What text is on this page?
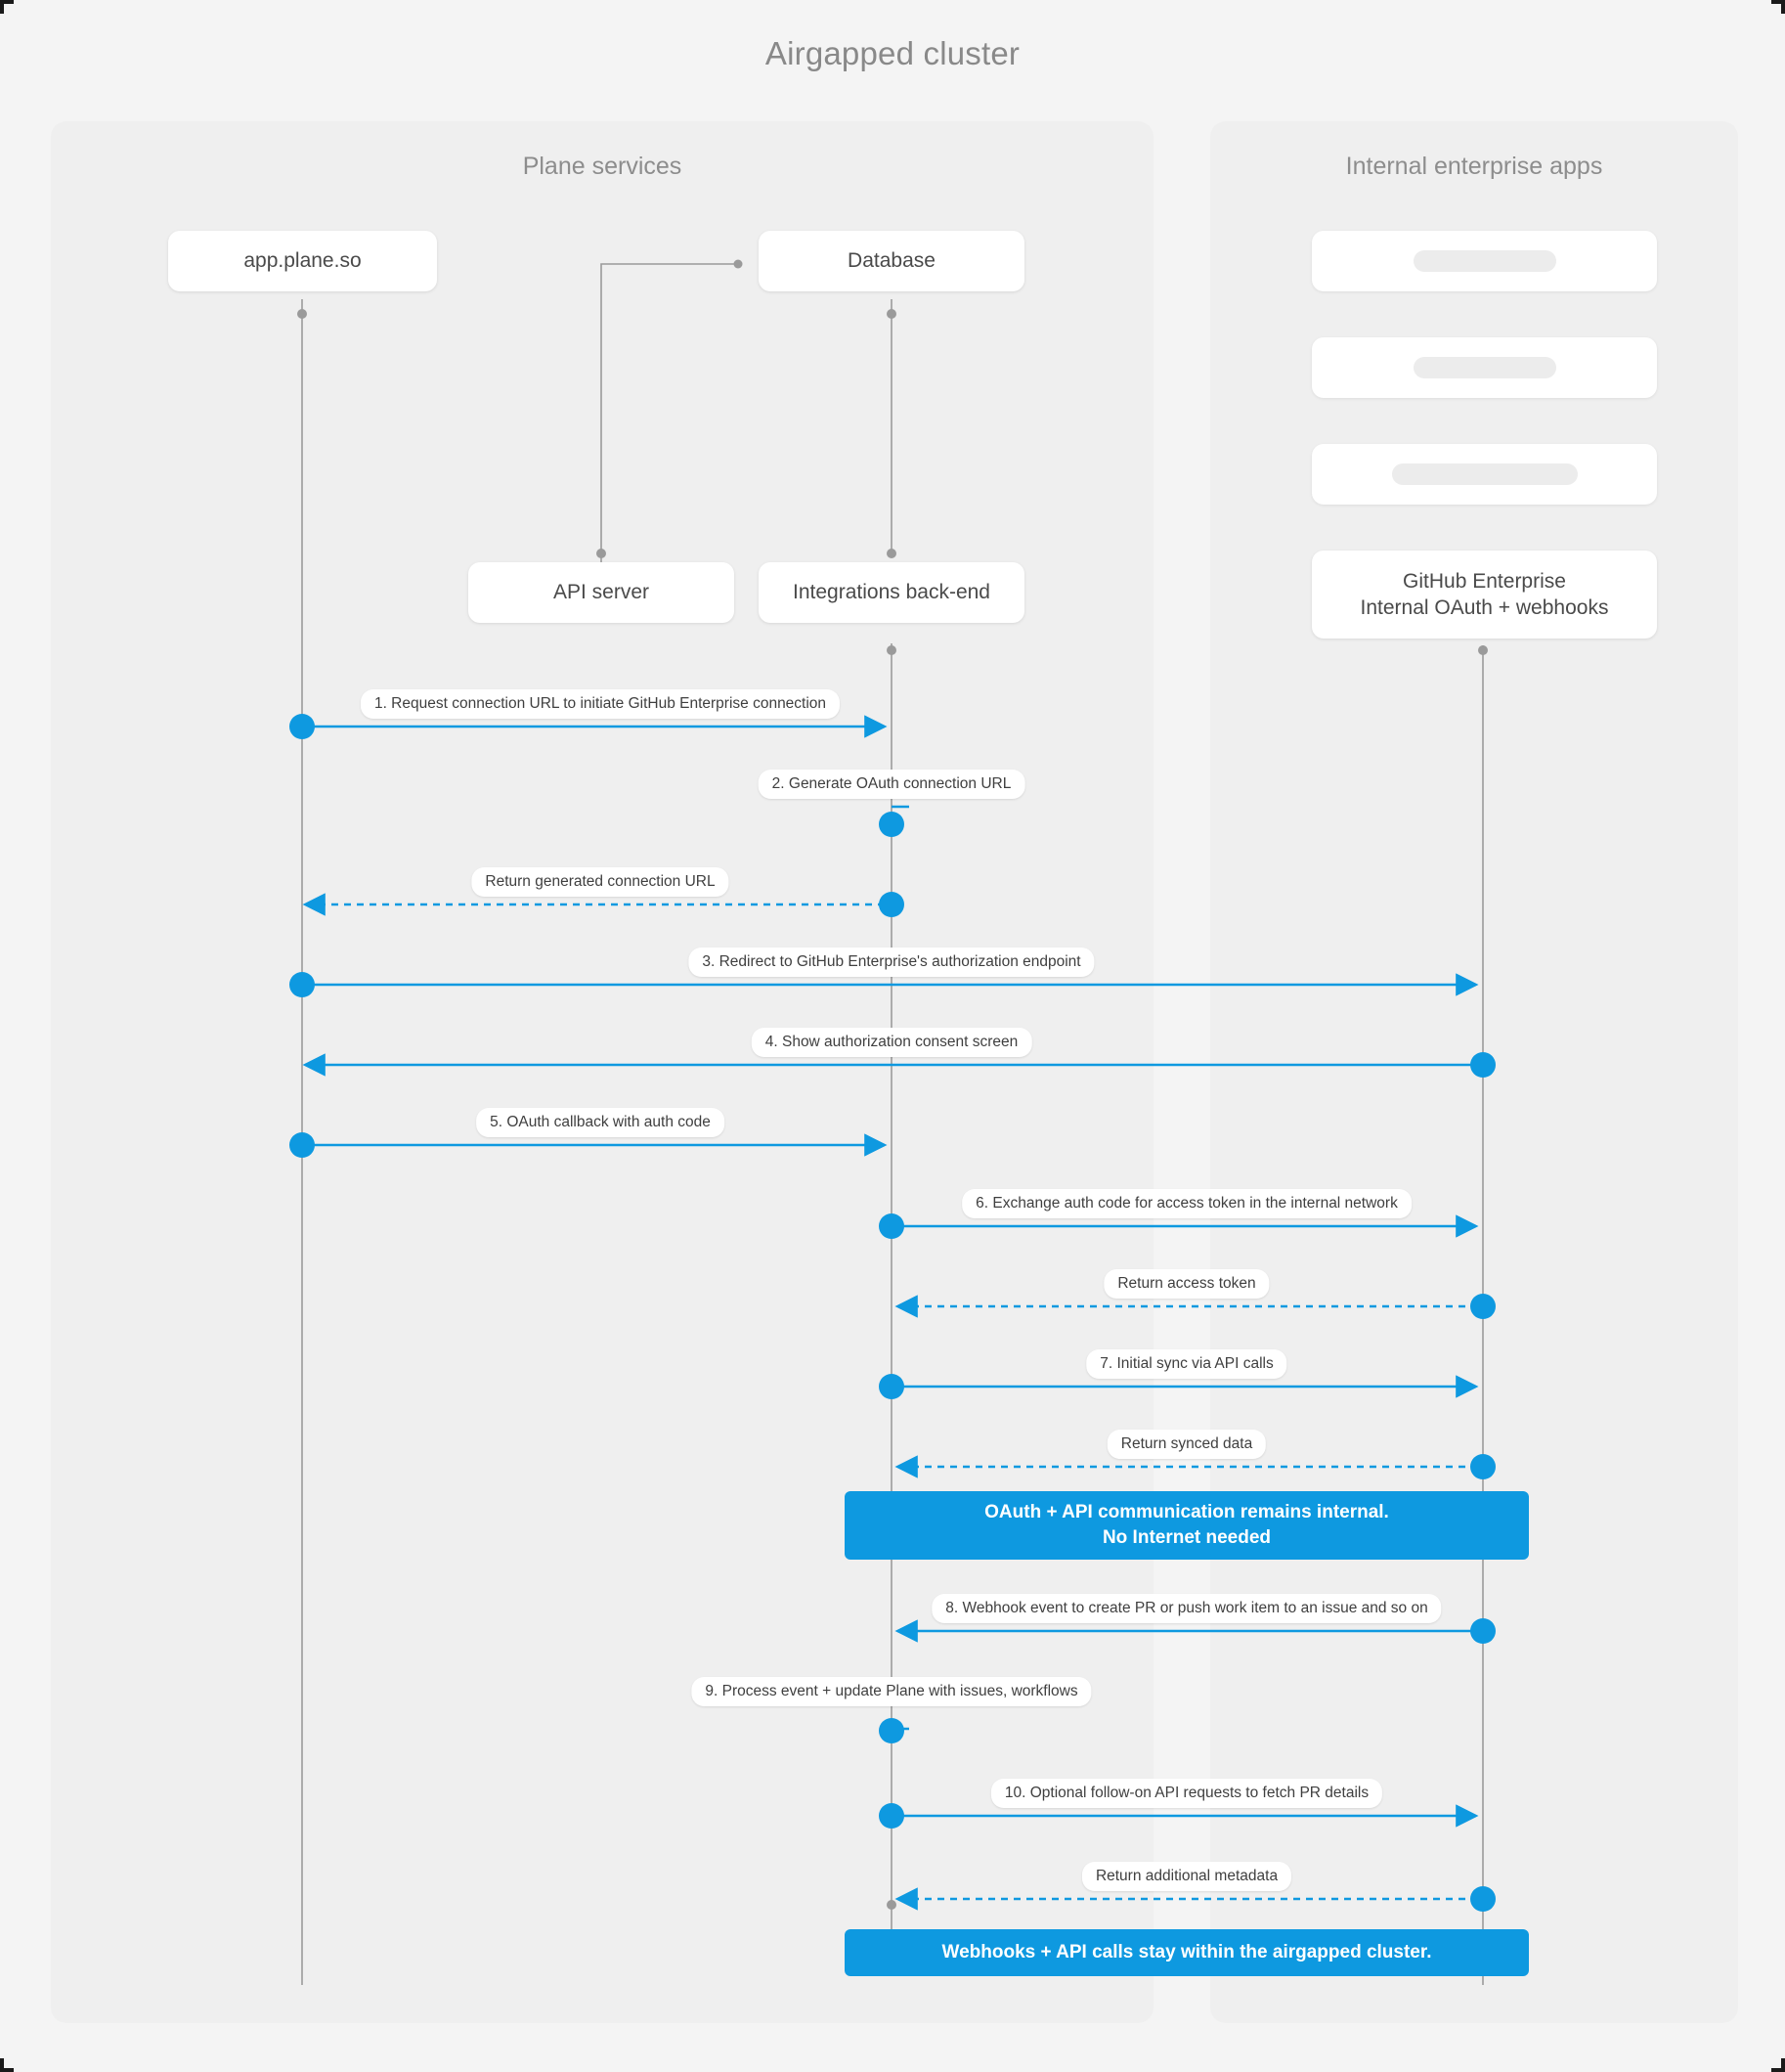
Airgapped cluster
Plane services	Internal enterprise apps
app.plane.so	Database
API server	Integrations back-end
GitHub Enterprise
Internal OAuth + webhooks
1. Request connection URL to initiate GitHub Enterprise connection
2. Generate OAuth connection URL
Return generated connection URL
3. Redirect to GitHub Enterprise's authorization endpoint
4. Show authorization consent screen
5. OAuth callback with auth code
6. Exchange auth code for access token in the internal network
Return access token
7. Initial sync via API calls
Return synced data
8. Webhook event to create PR or push work item to an issue and so on
9. Process event + update Plane with issues, workflows
10. Optional follow-on API requests to fetch PR details
Return additional metadata
OAuth + API communication remains internal.
No Internet needed
Webhooks + API calls stay within the airgapped cluster.
